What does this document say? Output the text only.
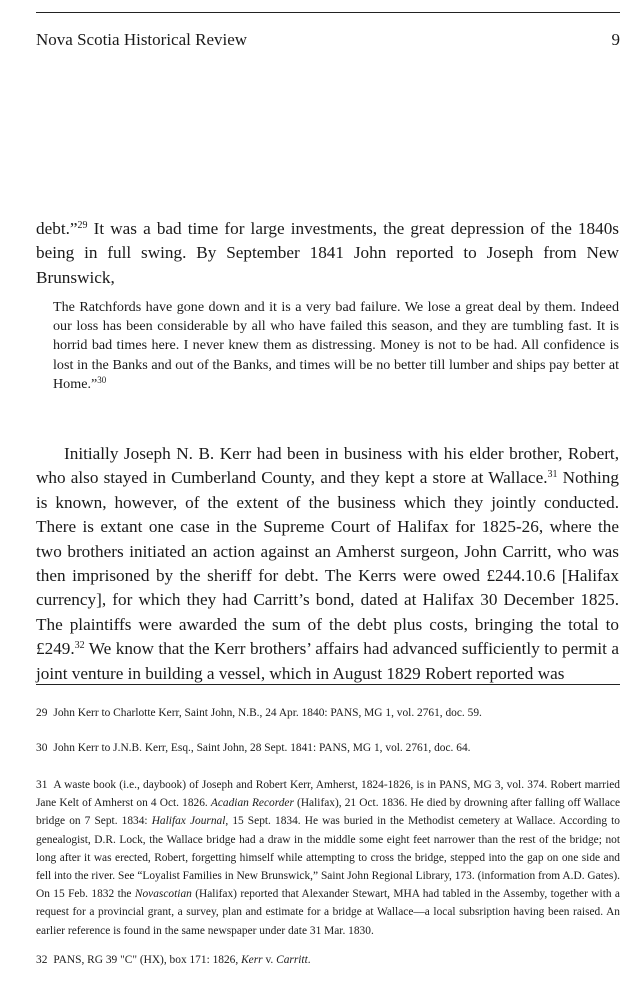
Nova Scotia Historical Review	9

debt.”$^{29}$ It was a bad time for large investments, the great depression of the 1840s being in full swing. By September 1841 John reported to Joseph from New Brunswick,

The Ratchfords have gone down and it is a very bad failure. We lose a great deal by them. Indeed our loss has been considerable by all who have failed this season, and they are tumbling fast. It is horrid bad times here. I never knew them as distressing. Money is not to be had. All confidence is lost in the Banks and out of the Banks, and times will be no better till lumber and ships pay better at Home.”$^{30}$

Initially Joseph N. B. Kerr had been in business with his elder brother, Robert, who also stayed in Cumberland County, and they kept a store at Wallace.$^{31}$ Nothing is known, however, of the extent of the business which they jointly conducted. There is extant one case in the Supreme Court of Halifax for 1825-26, where the two brothers initiated an action against an Amherst surgeon, John Carritt, who was then imprisoned by the sheriff for debt. The Kerrs were owed £244.10.6 [Halifax currency], for which they had Carritt’s bond, dated at Halifax 30 December 1825. The plaintiffs were awarded the sum of the debt plus costs, bringing the total to £249.32 We know that the Kerr brothers’ affairs had advanced sufficiently to permit a joint venture in building a vessel, which in August 1829 Robert reported was

29 John Kerr to Charlotte Kerr, Saint John, N.B., 24 Apr. 1840: PANS, MG 1, vol. 2761, doc. 59.

30 John Kerr to J.N.B. Kerr, Esq., Saint John, 28 Sept. 1841: PANS, MG 1, vol. 2761, doc. 64.

31 A waste book (i.e., daybook) of Joseph and Robert Kerr, Amherst, 1824-1826, is in PANS, MG 3, vol. 374. Robert married Jane Kelt of Amherst on 4 Oct. 1826. Acadian Recorder (Halifax), 21 Oct. 1836. He died by drowning after falling off Wallace bridge on 7 Sept. 1834: Halifax Journal, 15 Sept. 1834. He was buried in the Methodist cemetery at Wallace. According to genealogist, D.R. Lock, the Wallace bridge had a draw in the middle some eight feet narrower than the rest of the bridge; not long after it was erected, Robert, forgetting himself while attempting to cross the bridge, stepped into the gap on one side and fell into the river. See “Loyalist Families in New Brunswick,” Saint John Regional Library, 173. (information from A.D. Gates). On 15 Feb. 1832 the Novascotian (Halifax) reported that Alexander Stewart, MHA had tabled in the Assemby, together with a request for a provincial grant, a survey, plan and estimate for a bridge at Wallace—a local subsription having been raised. An earlier reference is found in the same newspaper under date 31 Mar. 1830.

32 PANS, RG 39 "C" (HX), box 171: 1826, Kerr v. Carritt.
